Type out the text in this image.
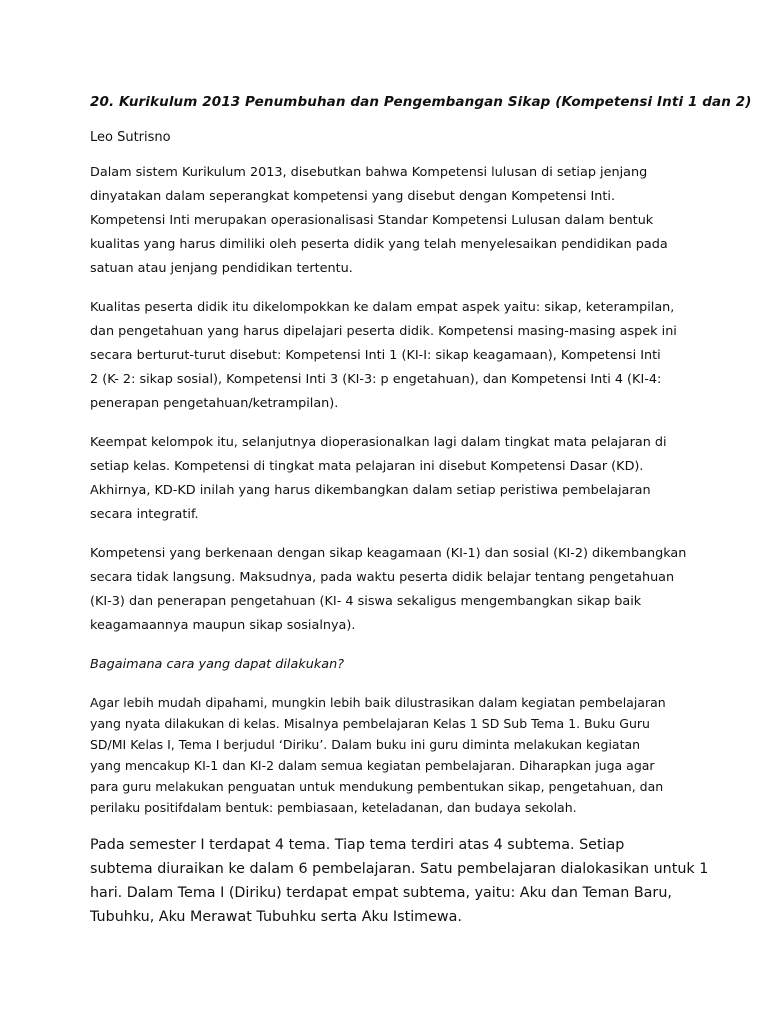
20. Kurikulum 2013 Penumbuhan dan Pengembangan Sikap (Kompetensi Inti 1 dan 2)
Leo Sutrisno
Dalam sistem Kurikulum 2013, disebutkan bahwa Kompetensi lulusan di setiap jenjang
dinyatakan dalam seperangkat kompetensi yang disebut dengan Kompetensi Inti.
Kompetensi Inti merupakan operasionalisasi Standar Kompetensi Lulusan dalam bentuk
kualitas yang harus dimiliki oleh peserta didik yang telah menyelesaikan pendidikan pada
satuan atau jenjang pendidikan tertentu.
Kualitas peserta didik itu dikelompokkan ke dalam empat aspek yaitu: sikap, keterampilan,
dan pengetahuan yang harus dipelajari peserta didik. Kompetensi masing-masing aspek ini
secara berturut-turut disebut: Kompetensi Inti 1 (KI-I: sikap keagamaan), Kompetensi Inti
2 (K- 2: sikap sosial), Kompetensi Inti 3 (KI-3: p engetahuan), dan Kompetensi Inti 4 (KI-4:
penerapan pengetahuan/ketrampilan).
Keempat kelompok itu, selanjutnya dioperasionalkan lagi dalam tingkat mata pelajaran di
setiap kelas. Kompetensi di tingkat mata pelajaran ini disebut Kompetensi Dasar (KD).
Akhirnya, KD-KD inilah yang harus dikembangkan dalam setiap peristiwa pembelajaran
secara integratif.
Kompetensi yang berkenaan dengan sikap keagamaan (KI-1) dan sosial (KI-2) dikembangkan
secara tidak langsung. Maksudnya, pada waktu peserta didik belajar tentang pengetahuan
(KI-3) dan penerapan pengetahuan (KI- 4 siswa sekaligus mengembangkan sikap baik
keagamaannya maupun sikap sosialnya).
Bagaimana cara yang dapat dilakukan?
Agar lebih mudah dipahami, mungkin lebih baik dilustrasikan dalam kegiatan pembelajaran
yang nyata dilakukan di kelas. Misalnya pembelajaran Kelas 1 SD Sub Tema 1. Buku Guru
SD/MI Kelas I, Tema I berjudul ‘Diriku’. Dalam buku ini guru diminta melakukan kegiatan
yang mencakup KI-1 dan KI-2 dalam semua kegiatan pembelajaran. Diharapkan juga agar
para guru melakukan penguatan untuk mendukung pembentukan sikap, pengetahuan, dan
perilaku positifdalam bentuk: pembiasaan, keteladanan, dan budaya sekolah.
Pada semester I terdapat 4 tema. Tiap tema terdiri atas 4 subtema. Setiap
subtema diuraikan ke dalam 6 pembelajaran. Satu pembelajaran dialokasikan untuk 1
hari. Dalam Tema I (Diriku) terdapat empat subtema, yaitu: Aku dan Teman Baru,
Tubuhku, Aku Merawat Tubuhku serta Aku Istimewa.
